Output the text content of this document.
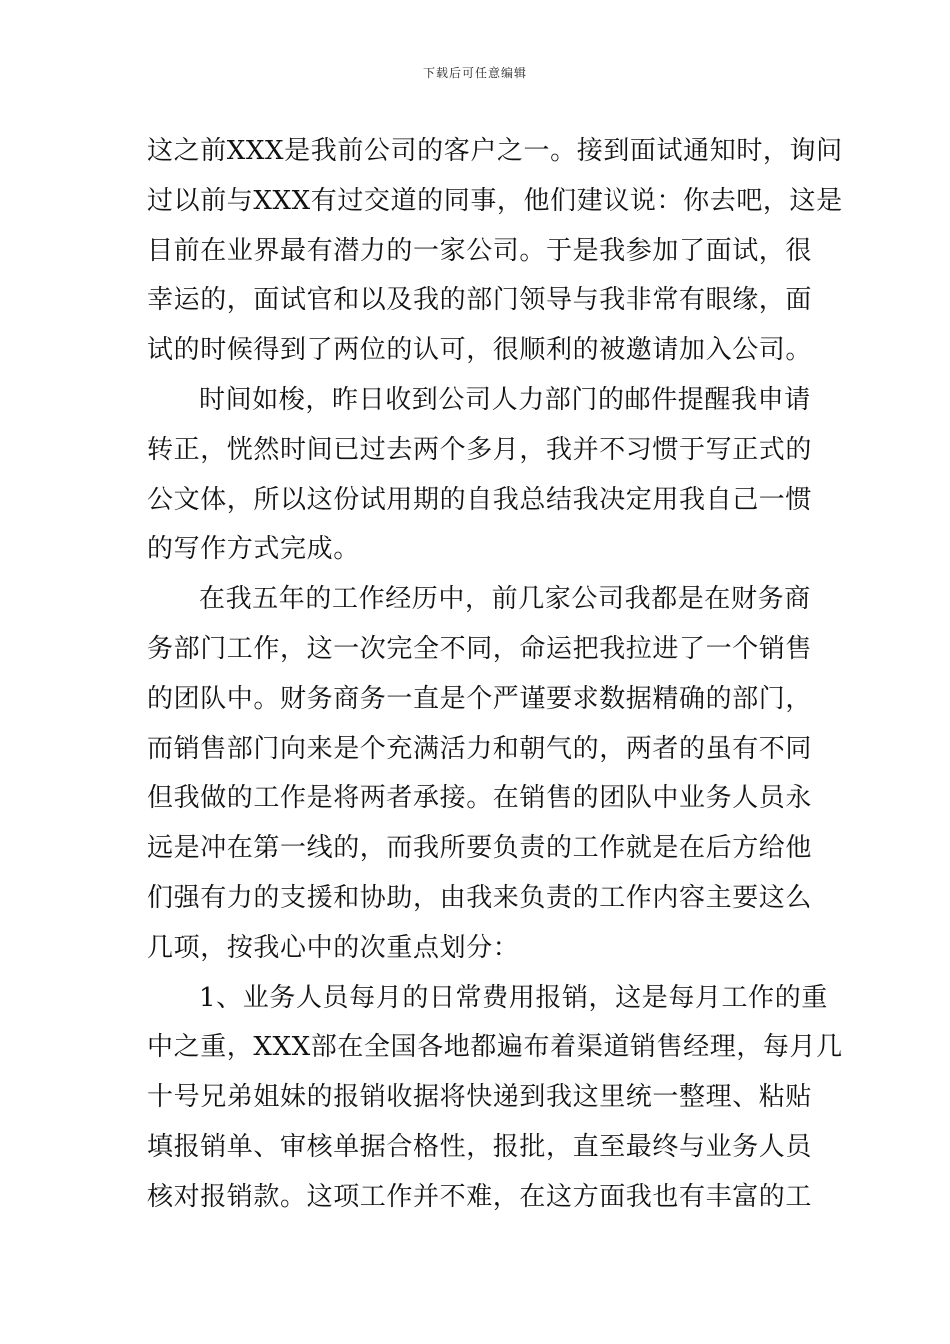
下载后可任意编辑
这之前XXX是我前公司的客户之一。接到面试通知时，询问
过以前与XXX有过交道的同事，他们建议说：你去吧，这是
目前在业界最有潜力的一家公司。于是我参加了面试，很
幸运的，面试官和以及我的部门领导与我非常有眼缘，面
试的时候得到了两位的认可，很顺利的被邀请加入公司。
时间如梭，昨日收到公司人力部门的邮件提醒我申请
转正，恍然时间已过去两个多月，我并不习惯于写正式的
公文体，所以这份试用期的自我总结我决定用我自己一惯
的写作方式完成。
在我五年的工作经历中，前几家公司我都是在财务商
务部门工作，这一次完全不同，命运把我拉进了一个销售
的团队中。财务商务一直是个严谨要求数据精确的部门，
而销售部门向来是个充满活力和朝气的，两者的虽有不同
但我做的工作是将两者承接。在销售的团队中业务人员永
远是冲在第一线的，而我所要负责的工作就是在后方给他
们强有力的支援和协助，由我来负责的工作内容主要这么
几项，按我心中的次重点划分：
1、业务人员每月的日常费用报销，这是每月工作的重
中之重，XXX部在全国各地都遍布着渠道销售经理，每月几
十号兄弟姐妹的报销收据将快递到我这里统一整理、粘贴
填报销单、审核单据合格性，报批，直至最终与业务人员
核对报销款。这项工作并不难，在这方面我也有丰富的工
